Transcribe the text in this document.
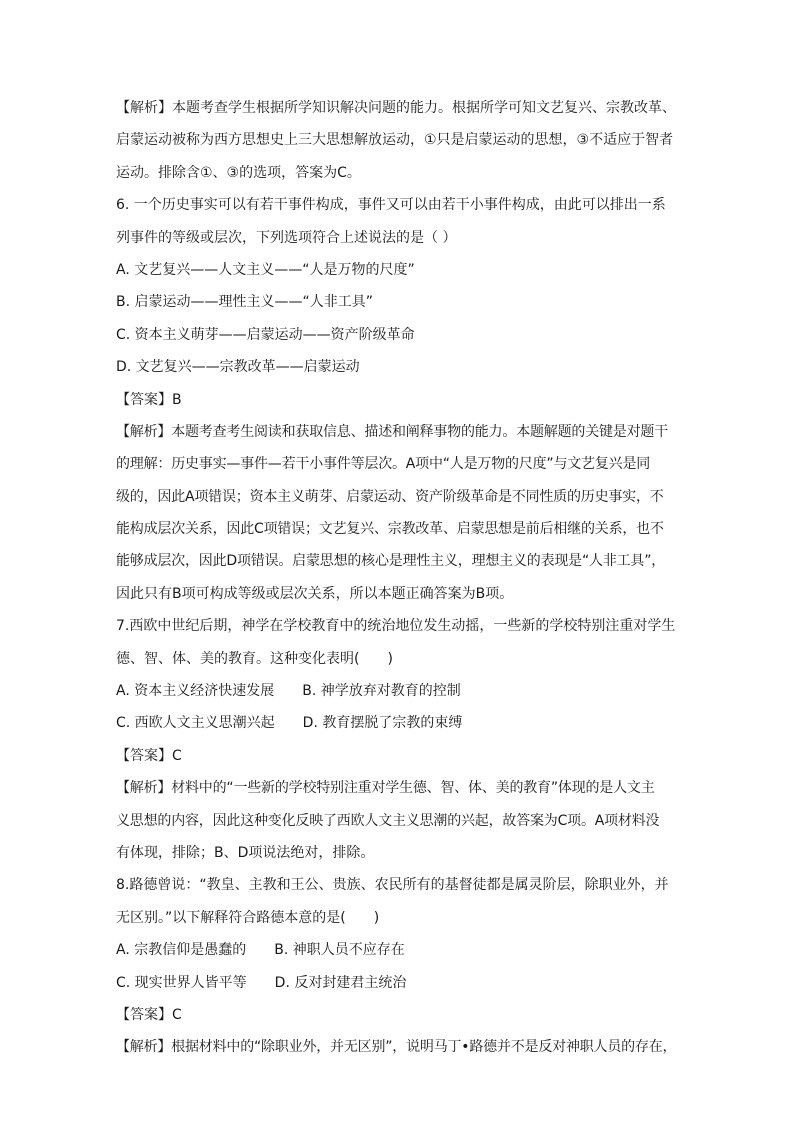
【解析】本题考查学生根据所学知识解决问题的能力。根据所学可知文艺复兴、宗教改革、
启蒙运动被称为西方思想史上三大思想解放运动，①只是启蒙运动的思想，③不适应于智者
运动。排除含①、③的选项，答案为C。
6. 一个历史事实可以有若干事件构成，事件又可以由若干小事件构成，由此可以排出一系
列事件的等级或层次，下列选项符合上述说法的是（ ）
A. 文艺复兴——人文主义——“人是万物的尺度”
B. 启蒙运动——理性主义——“人非工具”
C. 资本主义萌芽——启蒙运动——资产阶级革命
D. 文艺复兴——宗教改革——启蒙运动
【答案】B
【解析】本题考查考生阅读和获取信息、描述和阐释事物的能力。本题解题的关键是对题干
的理解：历史事实—事件—若干小事件等层次。A项中“人是万物的尺度”与文艺复兴是同
级的，因此A项错误；资本主义萌芽、启蒙运动、资产阶级革命是不同性质的历史事实，不
能构成层次关系，因此C项错误；文艺复兴、宗教改革、启蒙思想是前后相继的关系，也不
能够成层次，因此D项错误。启蒙思想的核心是理性主义，理想主义的表现是“人非工具”，
因此只有B项可构成等级或层次关系，所以本题正确答案为B项。
7.西欧中世纪后期，神学在学校教育中的统治地位发生动摇，一些新的学校特别注重对学生
德、智、体、美的教育。这种变化表明(　　)
A. 资本主义经济快速发展　　B. 神学放弃对教育的控制
C. 西欧人文主义思潮兴起　　D. 教育摆脱了宗教的束缚
【答案】C
【解析】材料中的“一些新的学校特别注重对学生德、智、体、美的教育”体现的是人文主
义思想的内容，因此这种变化反映了西欧人文主义思潮的兴起，故答案为C项。A项材料没
有体现，排除；B、D项说法绝对，排除。
8.路德曾说：“教皇、主教和王公、贵族、农民所有的基督徒都是属灵阶层，除职业外，并
无区别。”以下解释符合路德本意的是(　　)
A. 宗教信仰是愚蠢的　　B. 神职人员不应存在
C. 现实世界人皆平等　　D. 反对封建君主统治
【答案】C
【解析】根据材料中的“除职业外，并无区别”，说明马丁•路德并不是反对神职人员的存在，
